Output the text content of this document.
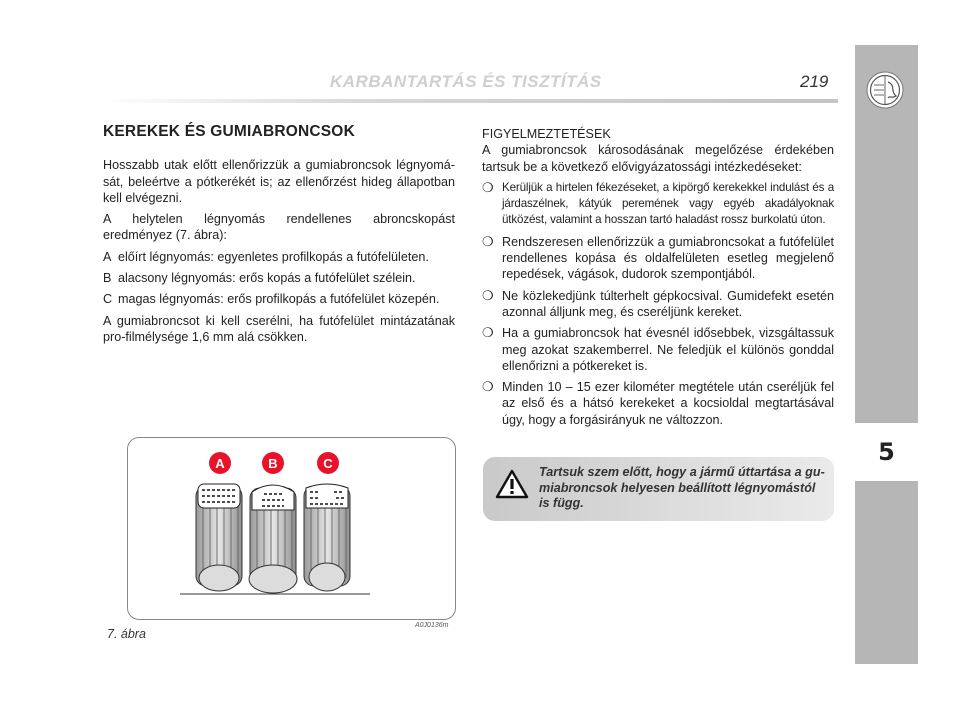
KARBANTARTÁS ÉS TISZTÍTÁS	219
5
KEREKEK ÉS GUMIABRONCSOK

Hosszabb utak előtt ellenőrizzük a gumiabroncsok légnyomá-sát, beleértve a pótkerékét is; az ellenőrzést hideg állapotban kell elvégezni.

A helytelen légnyomás rendellenes abroncskopást eredményez (7. ábra):

A előírt légnyomás: egyenletes profilkopás a futófelületen.
B alacsony légnyomás: erős kopás a futófelület szélein.
C magas légnyomás: erős profilkopás a futófelület közepén.

A gumiabroncsot ki kell cserélni, ha futófelület mintázatának pro-filmélysége 1,6 mm alá csökken.

A	B	C
A0J0136m
7. ábra
FIGYELMEZTETÉSEK
A gumiabroncsok károsodásának megelőzése érdekében tartsuk be a következő elővigyázatossági intézkedéseket:
❍ Kerüljük a hirtelen fékezéseket, a kipörgő kerekekkel indulást és a járdaszélnek, kátyúk peremének vagy egyéb akadályoknak ütközést, valamint a hosszan tartó haladást rossz burkolatú úton.
❍ Rendszeresen ellenőrizzük a gumiabroncsokat a futófelület rendellenes kopása és oldalfelületen esetleg megjelenő repedések, vágások, dudorok szempontjából.
❍ Ne közlekedjünk túlterhelt gépkocsival. Gumidefekt esetén azonnal álljunk meg, és cseréljünk kereket.
❍ Ha a gumiabroncsok hat évesnél idősebbek, vizsgáltassuk meg azokat szakemberrel. Ne feledjük el különös gonddal ellenőrizni a pótkereket is.
❍ Minden 10 – 15 ezer kilométer megtétele után cseréljük fel az első és a hátsó kerekeket a kocsioldal megtartásával úgy, hogy a forgásirányuk ne változzon.
Tartsuk szem előtt, hogy a jármű úttartása a gu-miabroncsok helyesen beállított légnyomástól is függ.
